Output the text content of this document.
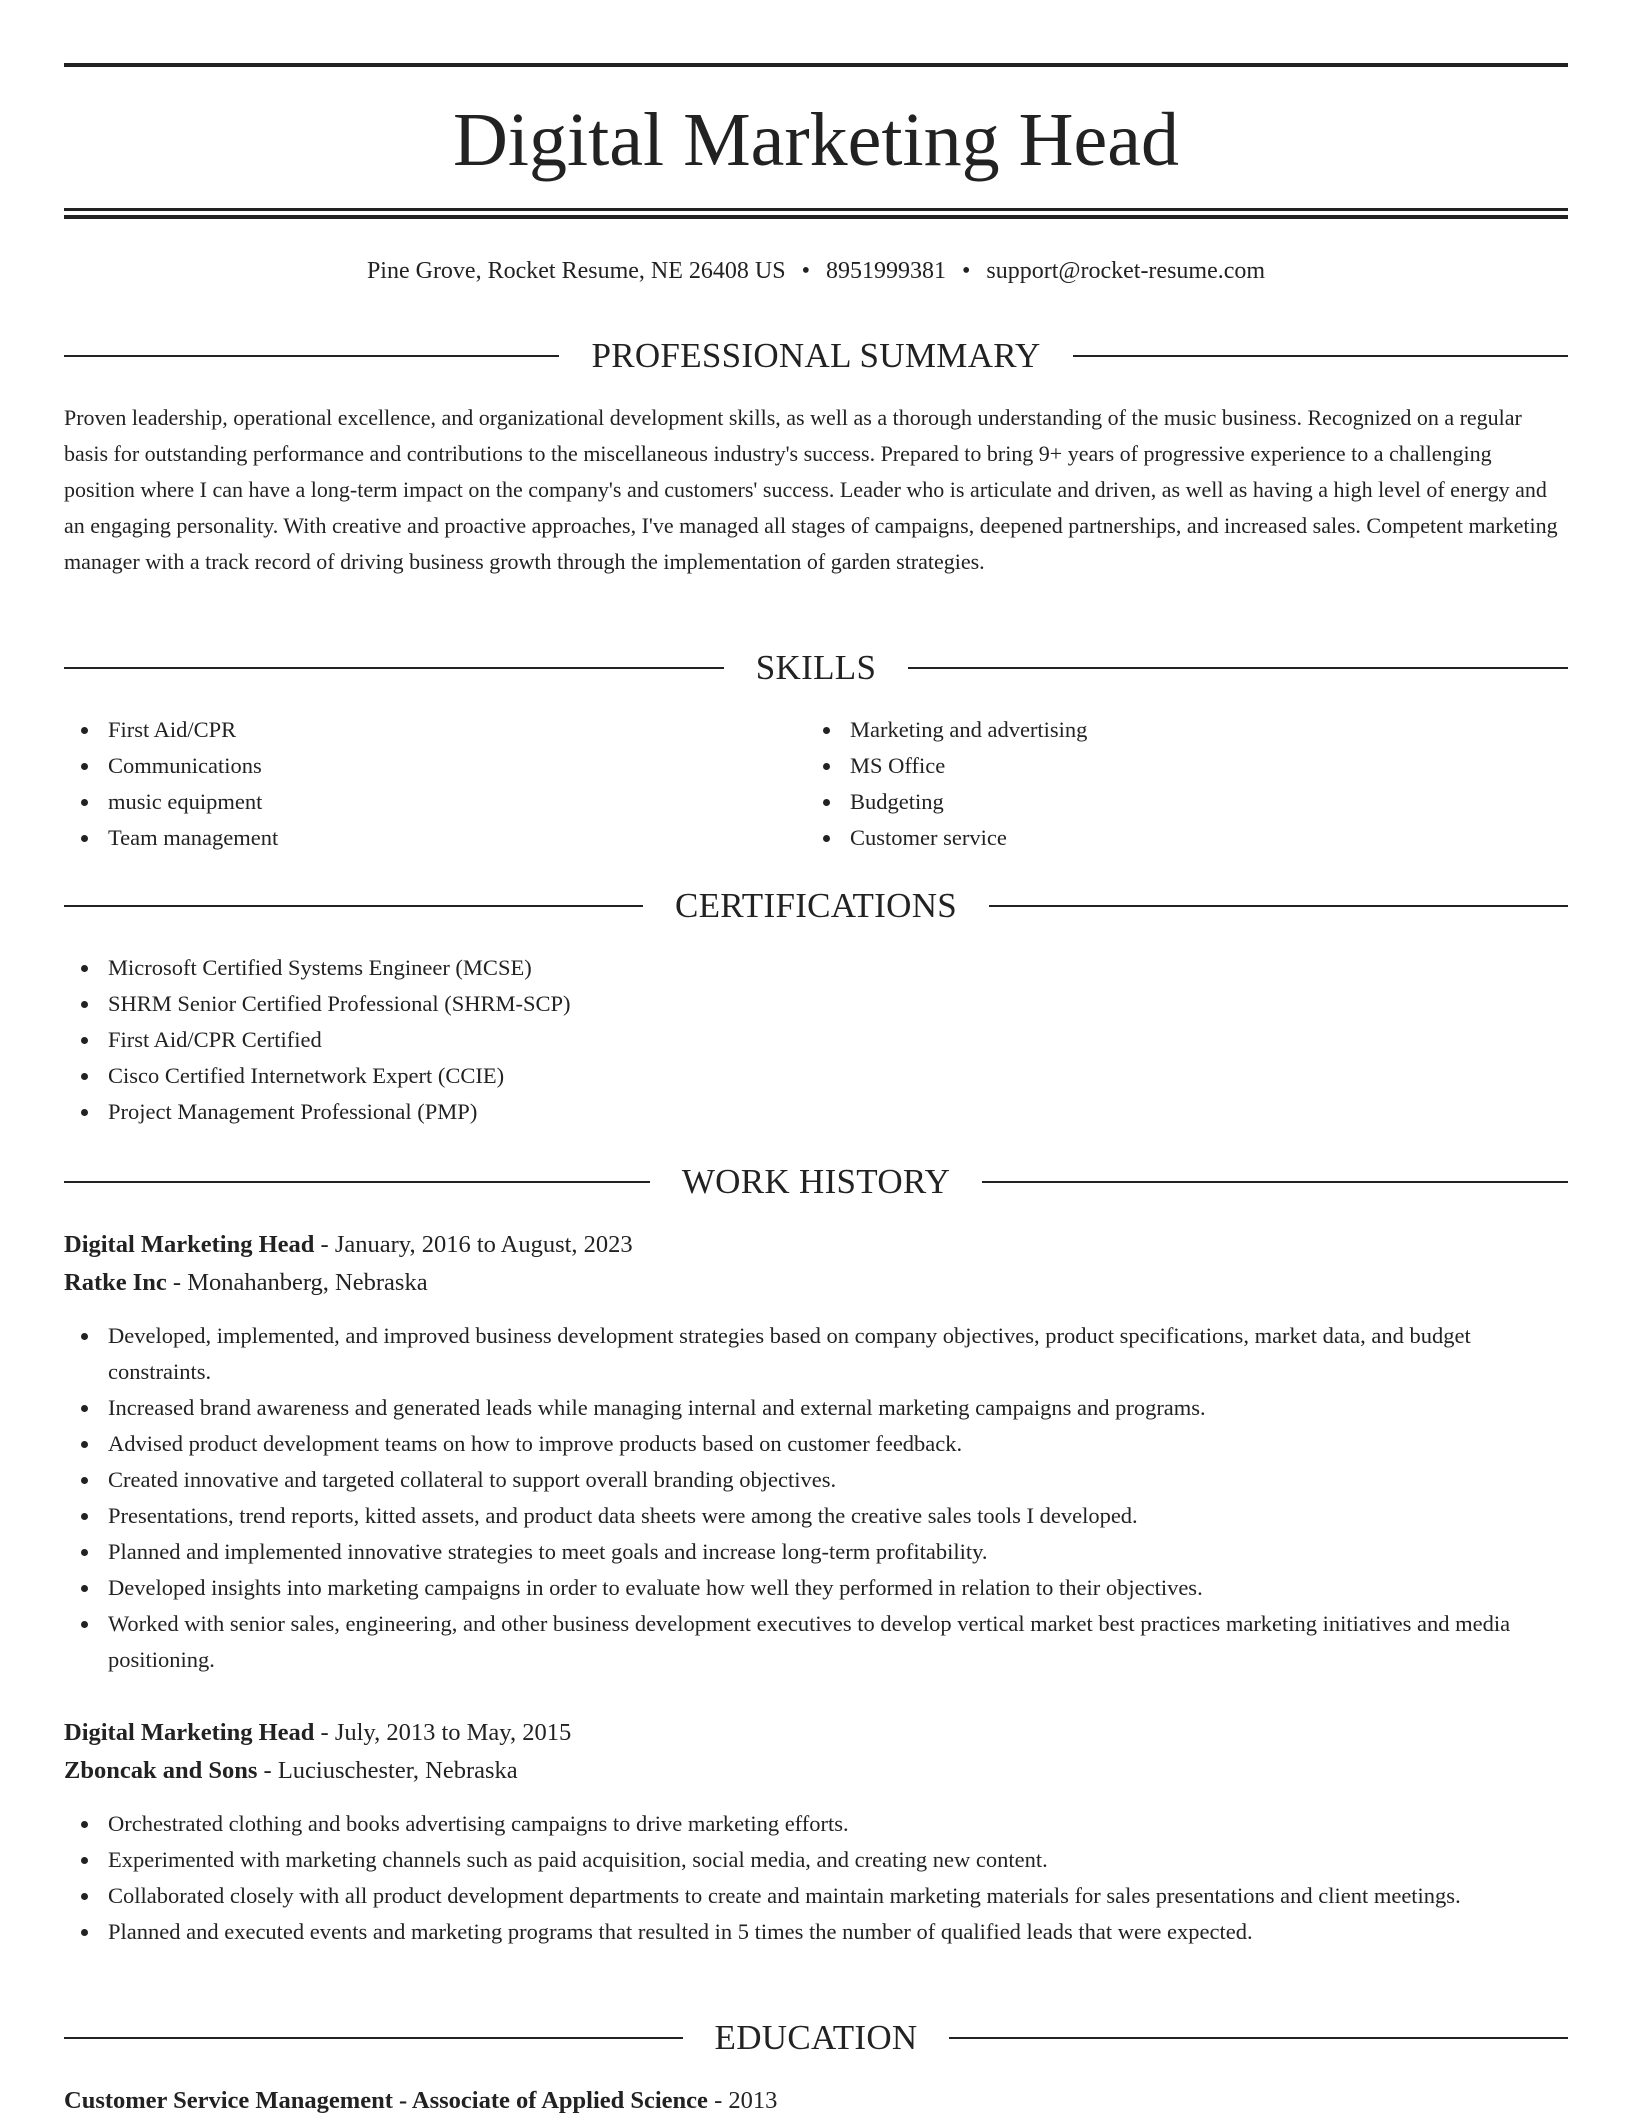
Digital Marketing Head
Pine Grove, Rocket Resume, NE 26408 US • 8951999381 • support@rocket-resume.com
PROFESSIONAL SUMMARY

Proven leadership, operational excellence, and organizational development skills, as well as a thorough understanding of the music business. Recognized on a regular basis for outstanding performance and contributions to the miscellaneous industry's success. Prepared to bring 9+ years of progressive experience to a challenging position where I can have a long-term impact on the company's and customers' success. Leader who is articulate and driven, as well as having a high level of energy and an engaging personality. With creative and proactive approaches, I've managed all stages of campaigns, deepened partnerships, and increased sales. Competent marketing manager with a track record of driving business growth through the implementation of garden strategies.

SKILLS
First Aid/CPR
Communications
music equipment
Team management
Marketing and advertising
MS Office
Budgeting
Customer service
CERTIFICATIONS
Microsoft Certified Systems Engineer (MCSE)
SHRM Senior Certified Professional (SHRM-SCP)
First Aid/CPR Certified
Cisco Certified Internetwork Expert (CCIE)
Project Management Professional (PMP)
WORK HISTORY
Digital Marketing Head - January, 2016 to August, 2023
Ratke Inc - Monahanberg, Nebraska
Developed, implemented, and improved business development strategies based on company objectives, product specifications, market data, and budget constraints.
Increased brand awareness and generated leads while managing internal and external marketing campaigns and programs.
Advised product development teams on how to improve products based on customer feedback.
Created innovative and targeted collateral to support overall branding objectives.
Presentations, trend reports, kitted assets, and product data sheets were among the creative sales tools I developed.
Planned and implemented innovative strategies to meet goals and increase long-term profitability.
Developed insights into marketing campaigns in order to evaluate how well they performed in relation to their objectives.
Worked with senior sales, engineering, and other business development executives to develop vertical market best practices marketing initiatives and media positioning.
Digital Marketing Head - July, 2013 to May, 2015
Zboncak and Sons - Luciuschester, Nebraska
Orchestrated clothing and books advertising campaigns to drive marketing efforts.
Experimented with marketing channels such as paid acquisition, social media, and creating new content.
Collaborated closely with all product development departments to create and maintain marketing materials for sales presentations and client meetings.
Planned and executed events and marketing programs that resulted in 5 times the number of qualified leads that were expected.
EDUCATION
Customer Service Management - Associate of Applied Science - 2013
